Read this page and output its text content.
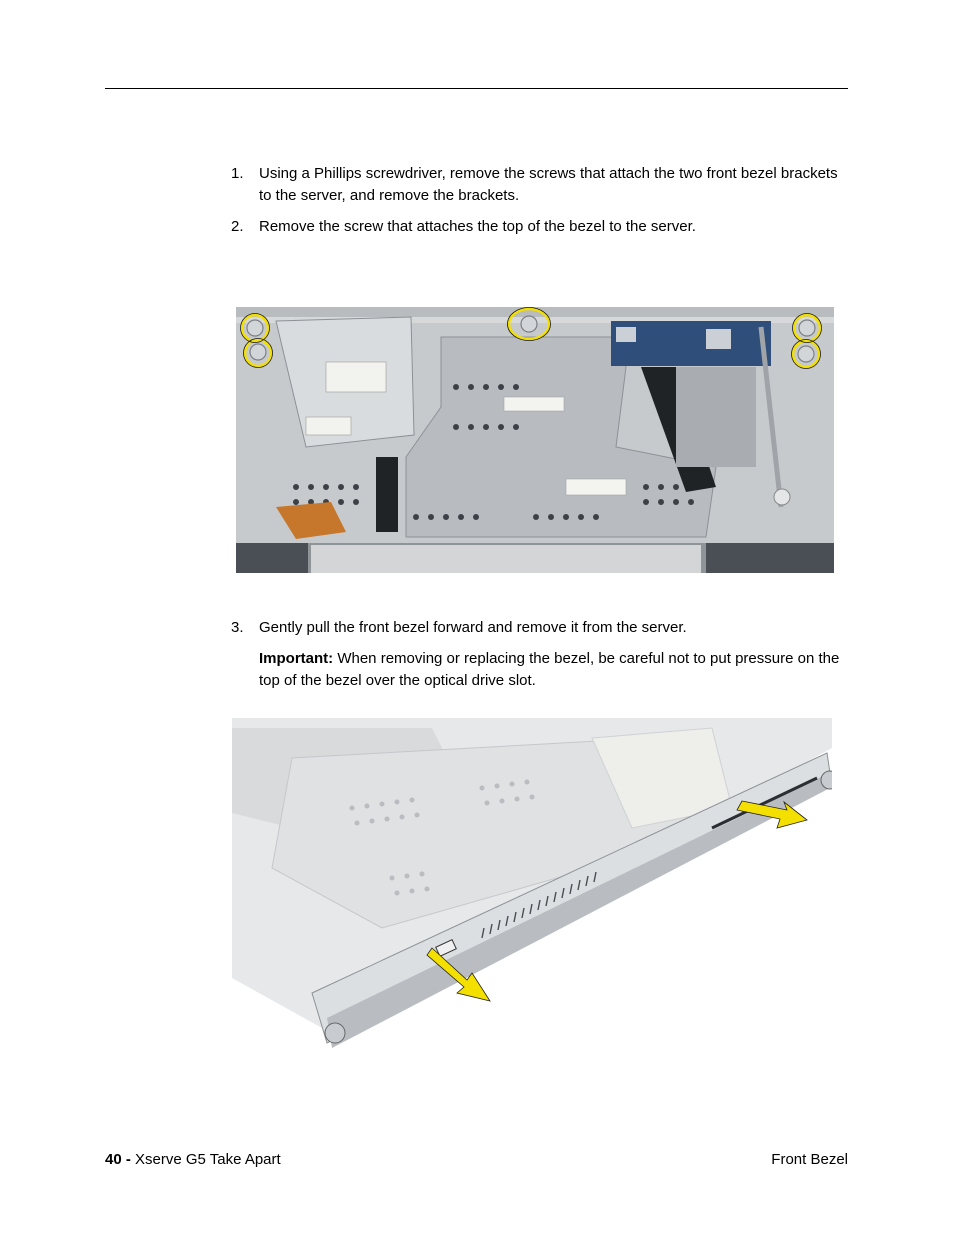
1. Using a Phillips screwdriver, remove the screws that attach the two front bezel brackets to the server, and remove the brackets.
2. Remove the screw that attaches the top of the bezel to the server.
3. Gently pull the front bezel forward and remove it from the server.
Important: When removing or replacing the bezel, be careful not to put pressure on the top of the bezel over the optical drive slot.
40 - Xserve G5 Take Apart	Front Bezel
